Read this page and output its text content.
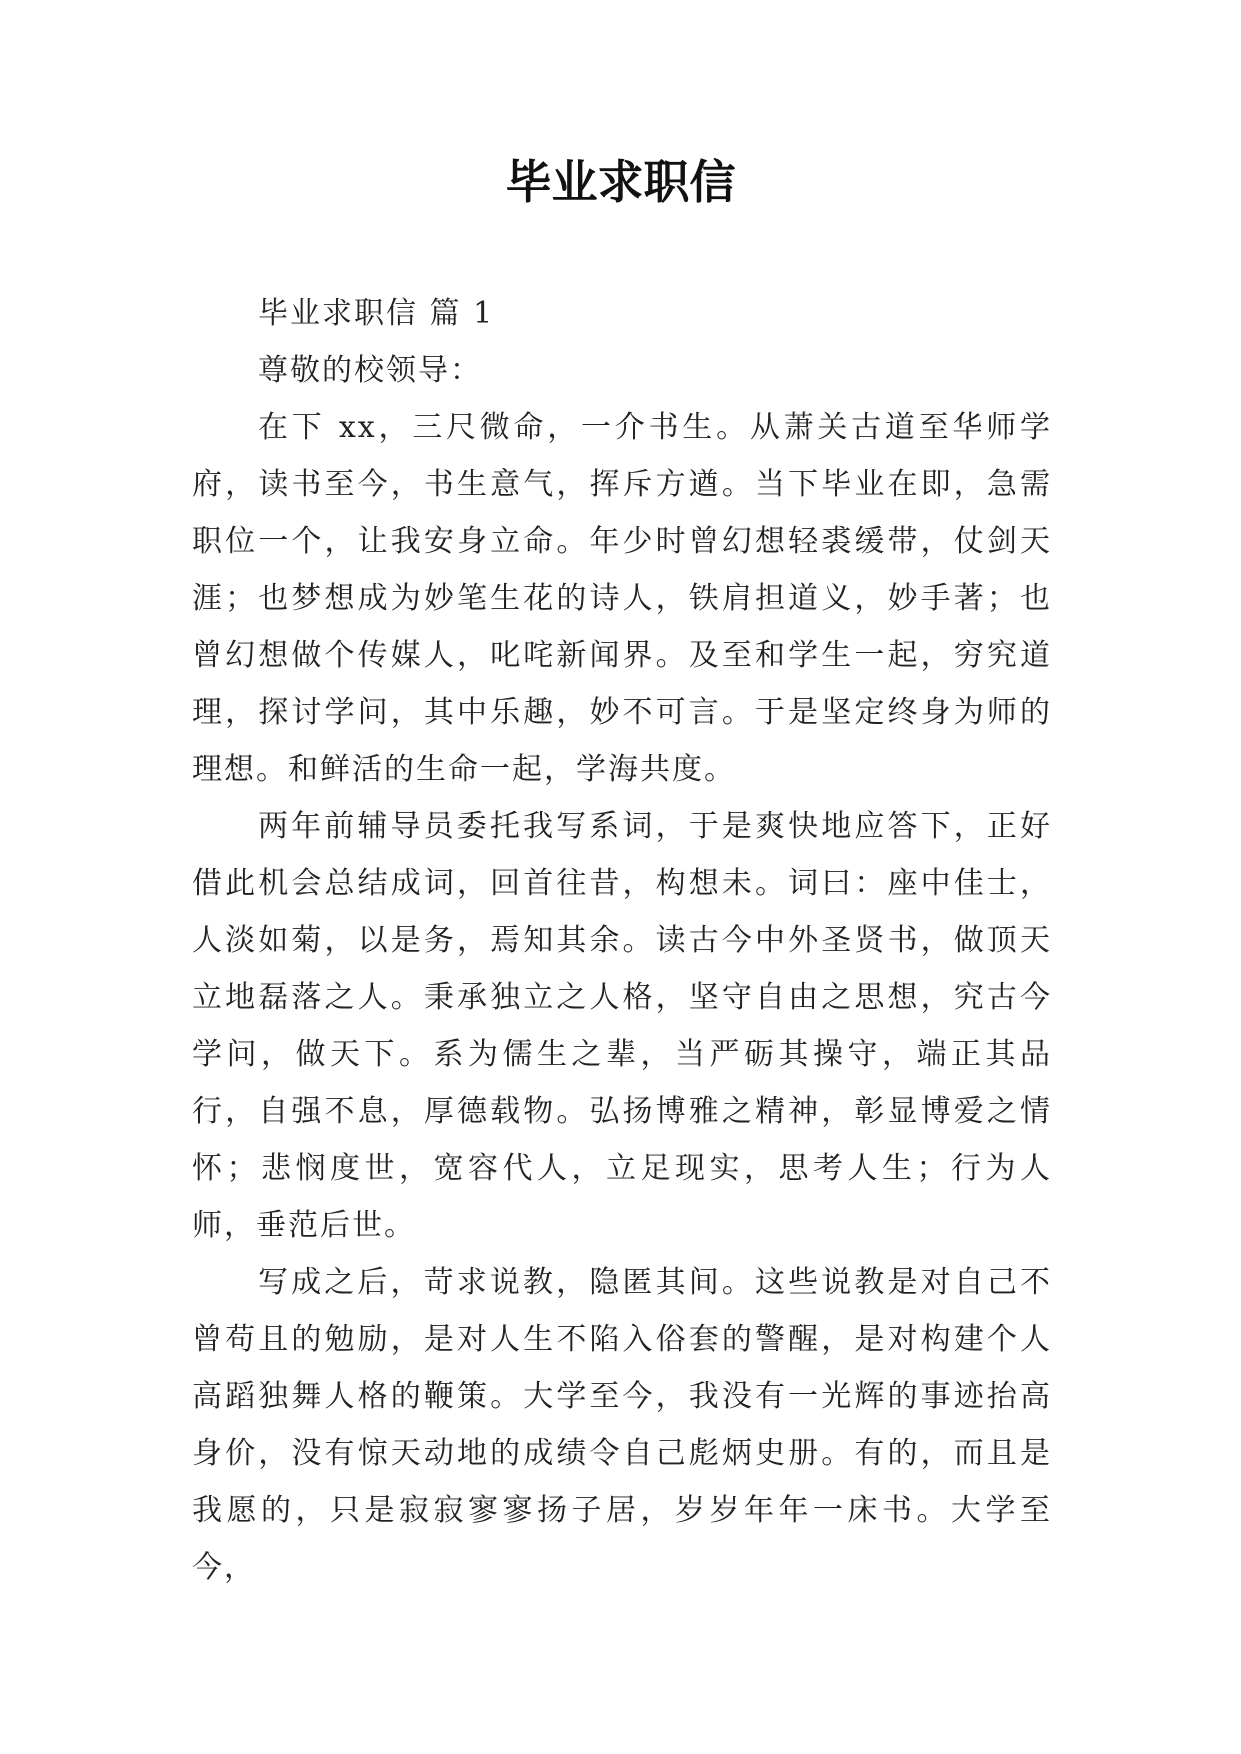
毕业求职信

毕业求职信 篇 1

尊敬的校领导：

在下 xx，三尺微命，一介书生。从萧关古道至华师学府，读书至今，书生意气，挥斥方遒。当下毕业在即，急需职位一个，让我安身立命。年少时曾幻想轻裘缓带，仗剑天涯；也梦想成为妙笔生花的诗人，铁肩担道义，妙手著；也曾幻想做个传媒人，叱咤新闻界。及至和学生一起，穷究道理，探讨学问，其中乐趣，妙不可言。于是坚定终身为师的理想。和鲜活的生命一起，学海共度。

两年前辅导员委托我写系词，于是爽快地应答下，正好借此机会总结成词，回首往昔，构想未。词曰：座中佳士，人淡如菊，以是务，焉知其余。读古今中外圣贤书，做顶天立地磊落之人。秉承独立之人格，坚守自由之思想，究古今学问，做天下。系为儒生之辈，当严砺其操守，端正其品行，自强不息，厚德载物。弘扬博雅之精神，彰显博爱之情怀；悲悯度世，宽容代人，立足现实，思考人生；行为人师，垂范后世。

写成之后，苛求说教，隐匿其间。这些说教是对自己不曾苟且的勉励，是对人生不陷入俗套的警醒，是对构建个人高蹈独舞人格的鞭策。大学至今，我没有一光辉的事迹抬高身价，没有惊天动地的成绩令自己彪炳史册。有的，而且是我愿的，只是寂寂寥寥扬子居，岁岁年年一床书。大学至今，
